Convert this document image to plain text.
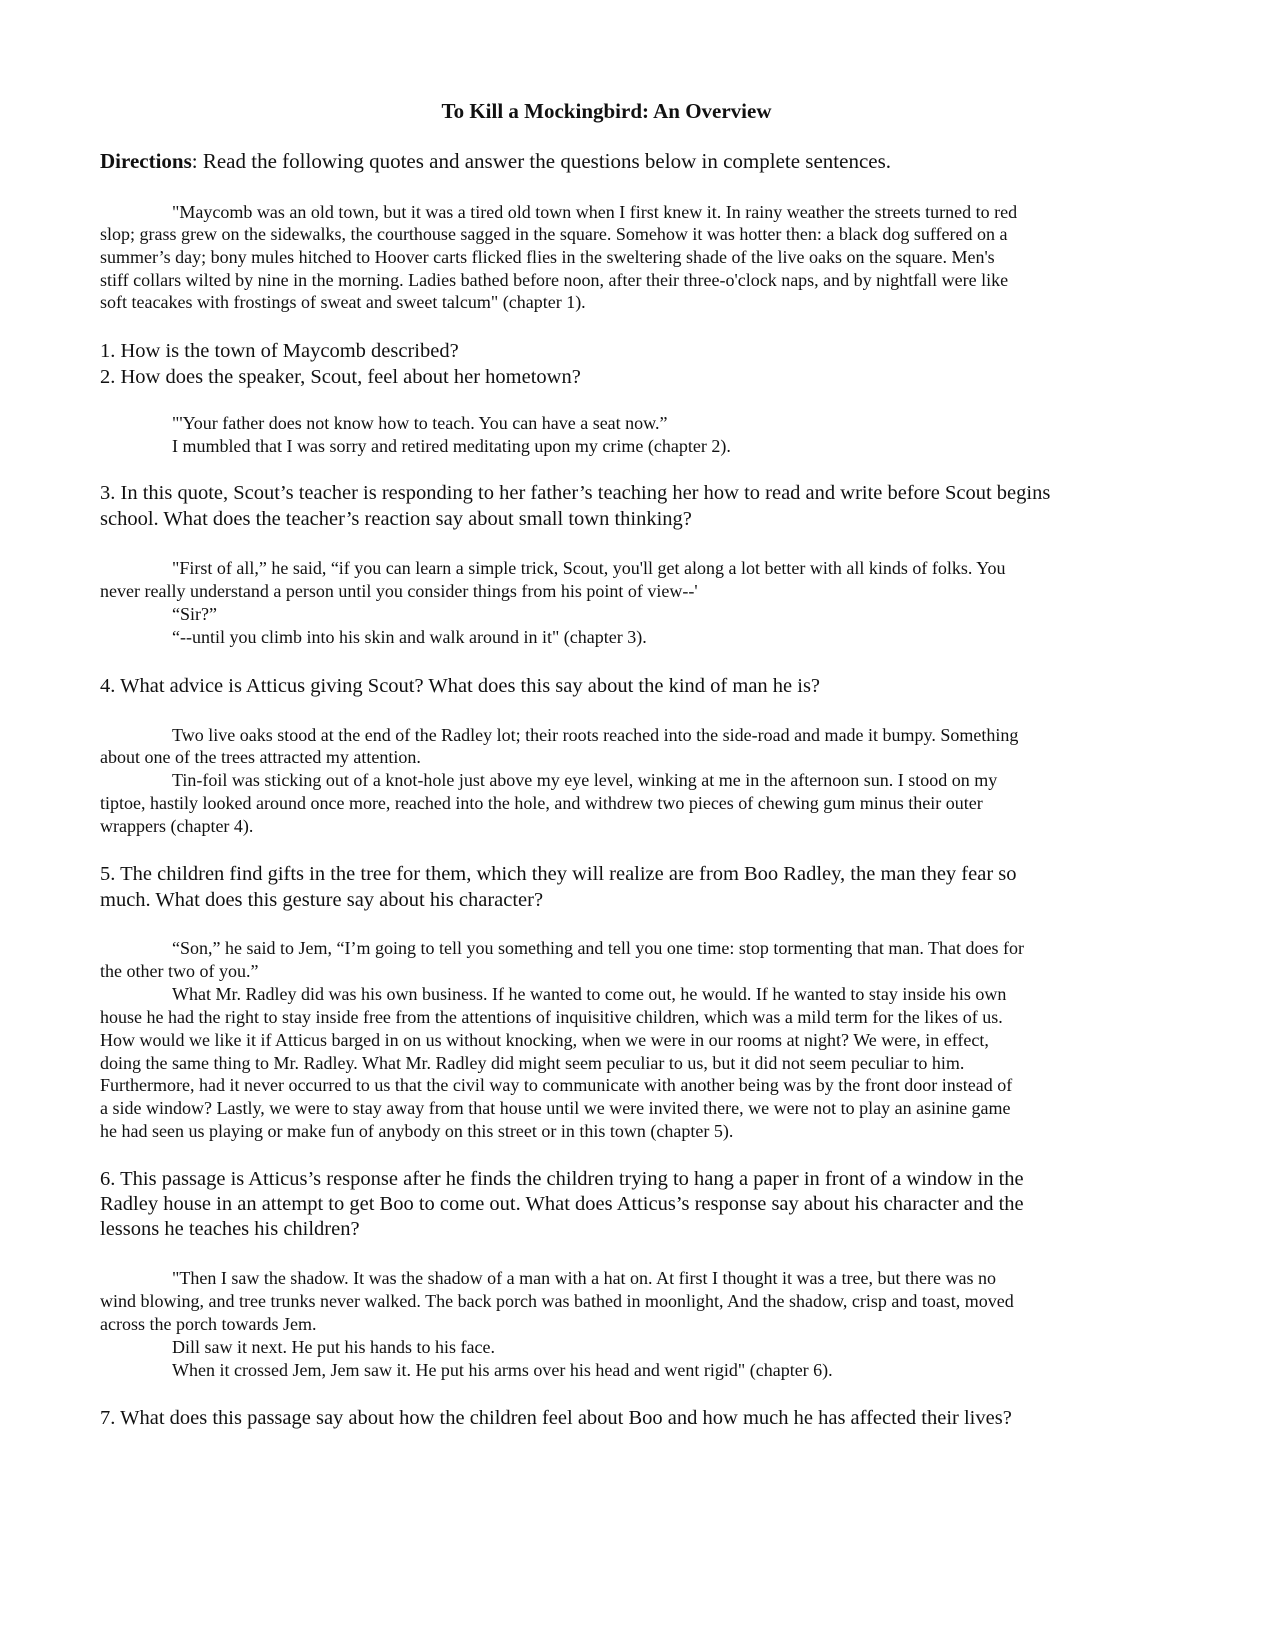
To Kill a Mockingbird: An Overview
Directions: Read the following quotes and answer the questions below in complete sentences.
"Maycomb was an old town, but it was a tired old town when I first knew it. In rainy weather the streets turned to red
slop; grass grew on the sidewalks, the courthouse sagged in the square. Somehow it was hotter then: a black dog suffered on a
summer’s day; bony mules hitched to Hoover carts flicked flies in the sweltering shade of the live oaks on the square. Men's
stiff collars wilted by nine in the morning. Ladies bathed before noon, after their three-o'clock naps, and by nightfall were like
soft teacakes with frostings of sweat and sweet talcum" (chapter 1).
1. How is the town of Maycomb described?
2. How does the speaker, Scout, feel about her hometown?
"'Your father does not know how to teach. You can have a seat now.”
I mumbled that I was sorry and retired meditating upon my crime (chapter 2).
3. In this quote, Scout’s teacher is responding to her father’s teaching her how to read and write before Scout begins
school. What does the teacher’s reaction say about small town thinking?
"First of all,” he said, “if you can learn a simple trick, Scout, you'll get along a lot better with all kinds of folks. You
never really understand a person until you consider things from his point of view--'
“Sir?”
“--until you climb into his skin and walk around in it" (chapter 3).
4. What advice is Atticus giving Scout? What does this say about the kind of man he is?
Two live oaks stood at the end of the Radley lot; their roots reached into the side-road and made it bumpy. Something
about one of the trees attracted my attention.
Tin-foil was sticking out of a knot-hole just above my eye level, winking at me in the afternoon sun. I stood on my
tiptoe, hastily looked around once more, reached into the hole, and withdrew two pieces of chewing gum minus their outer
wrappers (chapter 4).
5. The children find gifts in the tree for them, which they will realize are from Boo Radley, the man they fear so
much. What does this gesture say about his character?
“Son,” he said to Jem, “I’m going to tell you something and tell you one time: stop tormenting that man. That does for
the other two of you.”
What Mr. Radley did was his own business. If he wanted to come out, he would. If he wanted to stay inside his own
house he had the right to stay inside free from the attentions of inquisitive children, which was a mild term for the likes of us.
How would we like it if Atticus barged in on us without knocking, when we were in our rooms at night? We were, in effect,
doing the same thing to Mr. Radley. What Mr. Radley did might seem peculiar to us, but it did not seem peculiar to him.
Furthermore, had it never occurred to us that the civil way to communicate with another being was by the front door instead of
a side window? Lastly, we were to stay away from that house until we were invited there, we were not to play an asinine game
he had seen us playing or make fun of anybody on this street or in this town (chapter 5).
6. This passage is Atticus’s response after he finds the children trying to hang a paper in front of a window in the
Radley house in an attempt to get Boo to come out. What does Atticus’s response say about his character and the
lessons he teaches his children?
"Then I saw the shadow. It was the shadow of a man with a hat on. At first I thought it was a tree, but there was no
wind blowing, and tree trunks never walked. The back porch was bathed in moonlight, And the shadow, crisp and toast, moved
across the porch towards Jem.
Dill saw it next. He put his hands to his face.
When it crossed Jem, Jem saw it. He put his arms over his head and went rigid" (chapter 6).
7. What does this passage say about how the children feel about Boo and how much he has affected their lives?
